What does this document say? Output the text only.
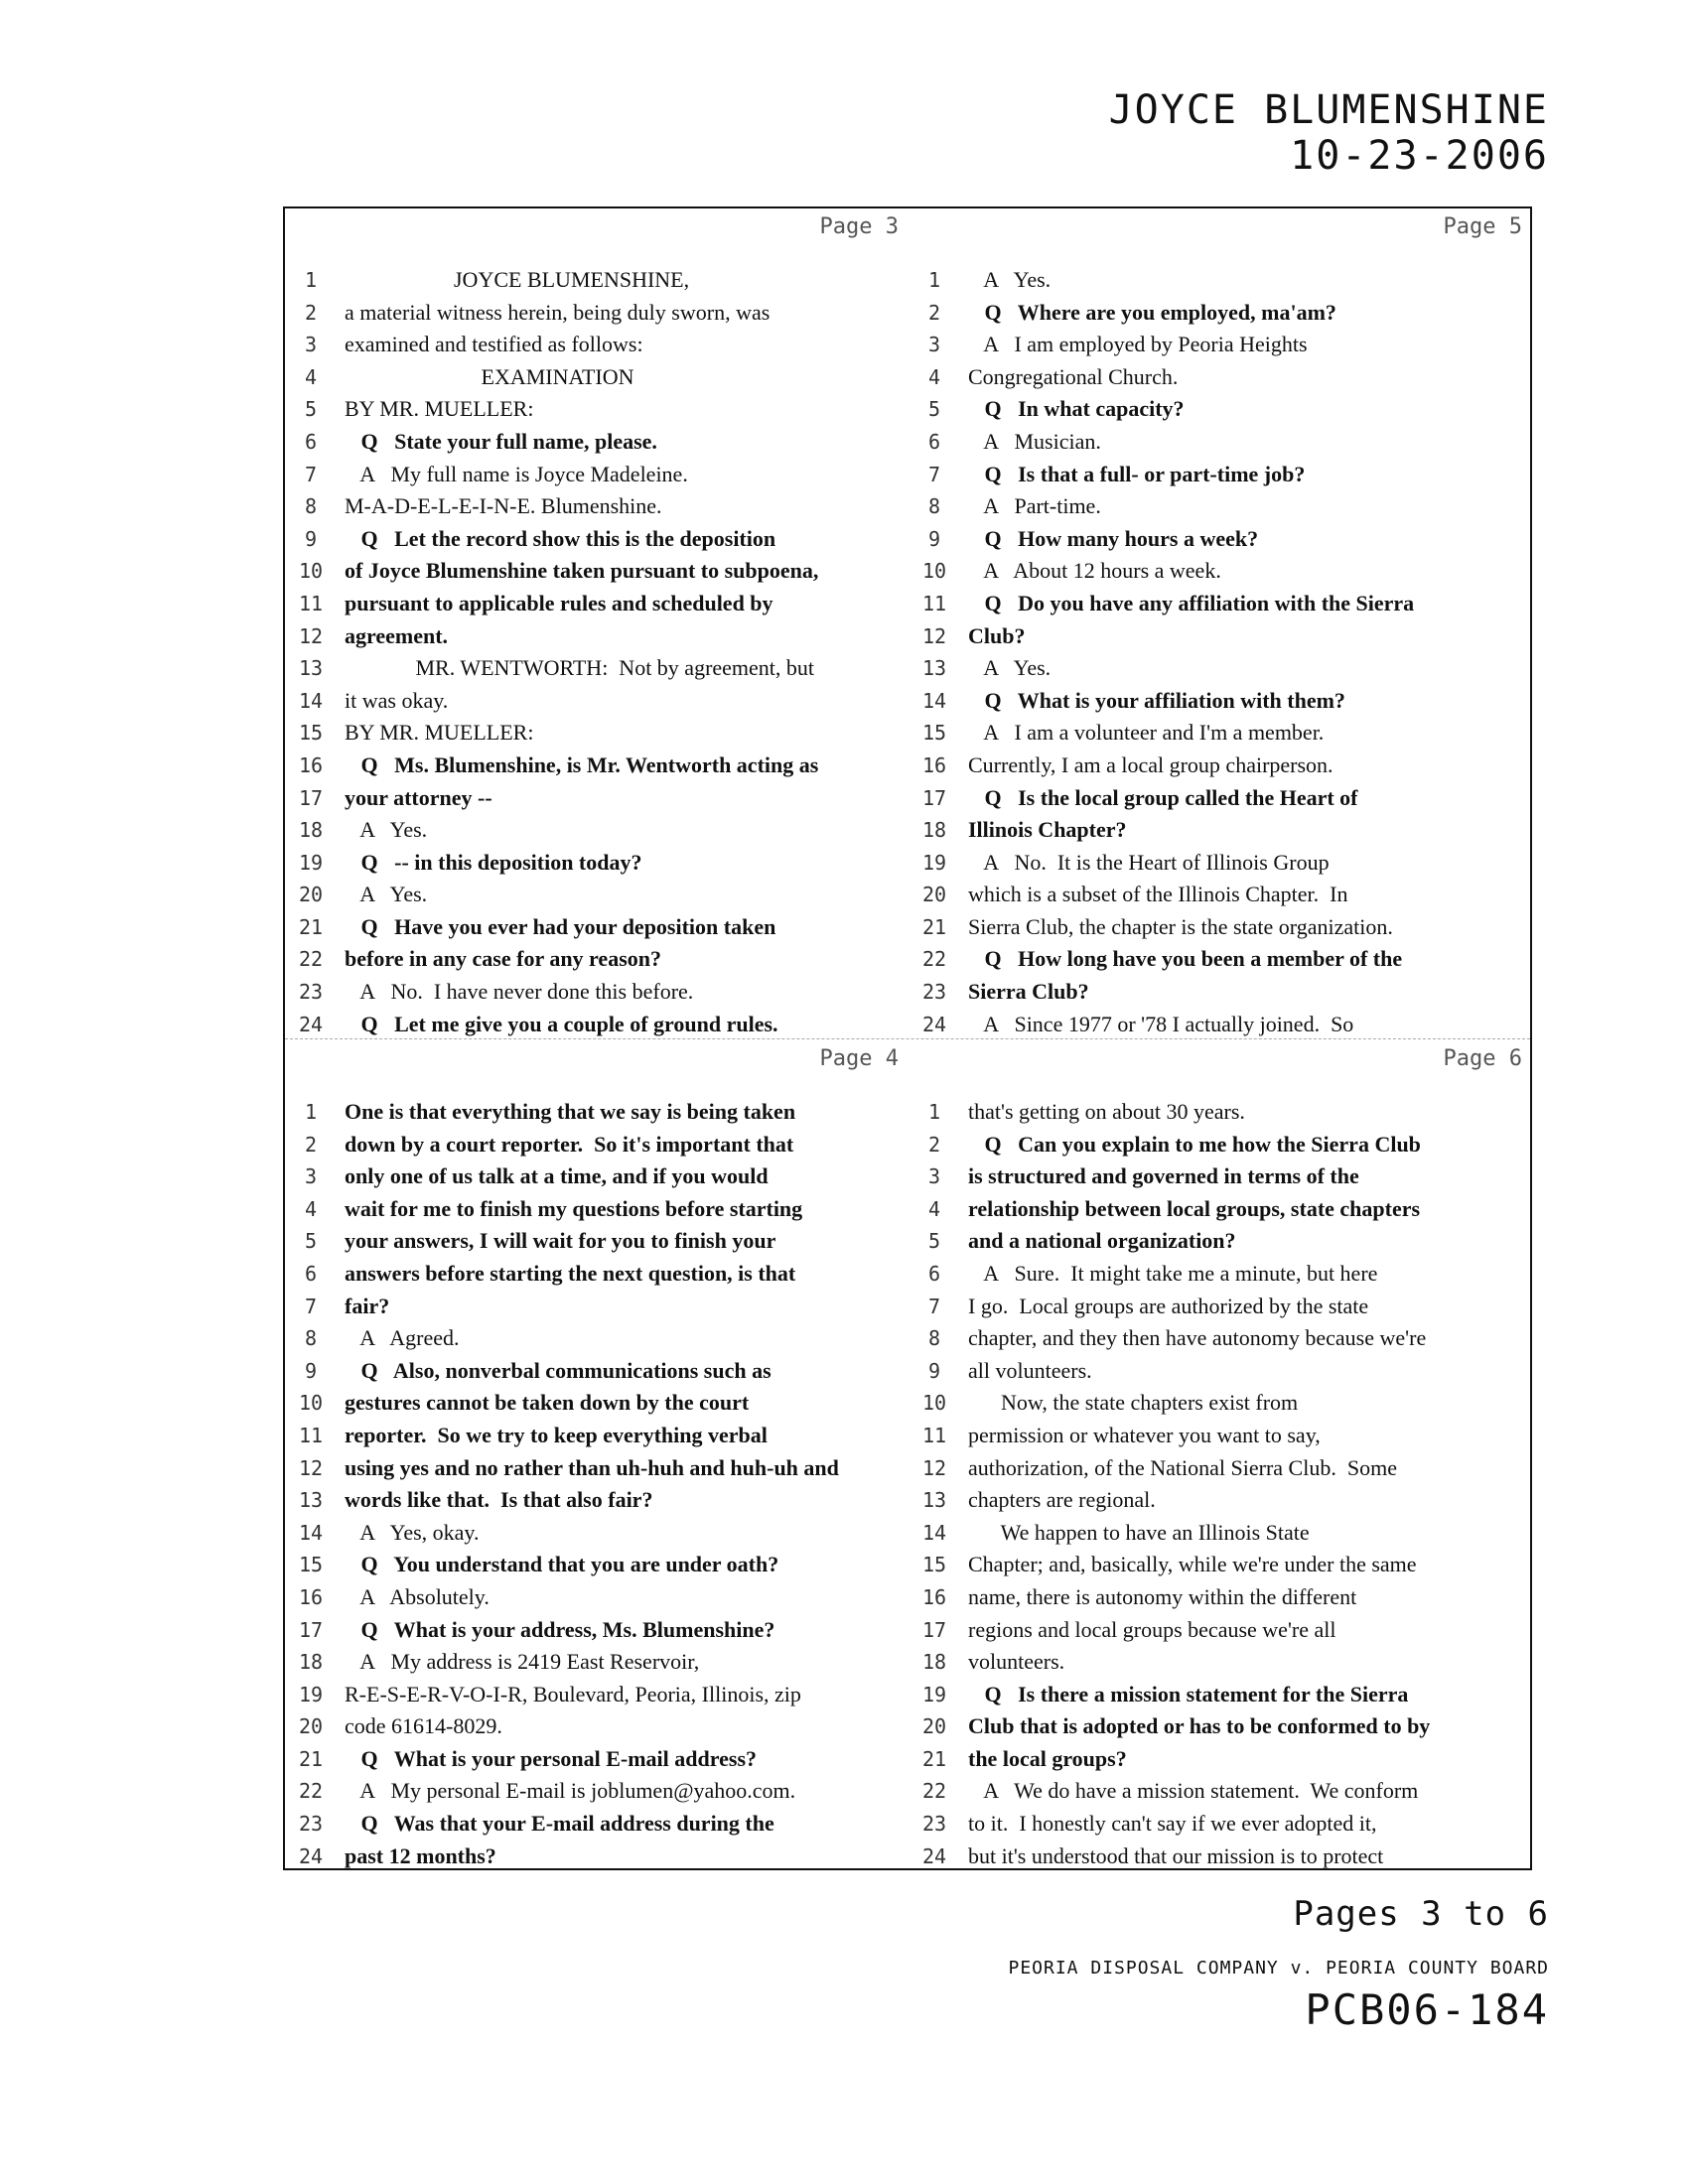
JOYCE BLUMENSHINE
10-23-2006
Page 3
1	JOYCE BLUMENSHINE,
2	a material witness herein, being duly sworn, was
3	examined and testified as follows:
4	EXAMINATION
5	BY MR. MUELLER:
6	Q   State your full name, please.
7	A   My full name is Joyce Madeleine.
8	M-A-D-E-L-E-I-N-E. Blumenshine.
9	Q   Let the record show this is the deposition
10 of Joyce Blumenshine taken pursuant to subpoena,
11 pursuant to applicable rules and scheduled by
12 agreement.
13 MR. WENTWORTH:  Not by agreement, but
14 it was okay.
15 BY MR. MUELLER:
16 Q   Ms. Blumenshine, is Mr. Wentworth acting as
17 your attorney --
18 A   Yes.
19 Q   -- in this deposition today?
20 A   Yes.
21 Q   Have you ever had your deposition taken
22 before in any case for any reason?
23 A   No.  I have never done this before.
24 Q   Let me give you a couple of ground rules.
Page 5
1	A   Yes.
2	Q   Where are you employed, ma'am?
3	A   I am employed by Peoria Heights
4	Congregational Church.
5	Q   In what capacity?
6	A   Musician.
7	Q   Is that a full- or part-time job?
8	A   Part-time.
9	Q   How many hours a week?
10 A   About 12 hours a week.
11 Q   Do you have any affiliation with the Sierra
12 Club?
13 A   Yes.
14 Q   What is your affiliation with them?
15 A   I am a volunteer and I'm a member.
16 Currently, I am a local group chairperson.
17 Q   Is the local group called the Heart of
18 Illinois Chapter?
19 A   No.  It is the Heart of Illinois Group
20 which is a subset of the Illinois Chapter.  In
21 Sierra Club, the chapter is the state organization.
22 Q   How long have you been a member of the
23 Sierra Club?
24 A   Since 1977 or '78 I actually joined.  So
Page 4
1	One is that everything that we say is being taken
2	down by a court reporter.  So it's important that
3	only one of us talk at a time, and if you would
4	wait for me to finish my questions before starting
5	your answers, I will wait for you to finish your
6	answers before starting the next question, is that
7	fair?
8	A   Agreed.
9	Q   Also, nonverbal communications such as
10 gestures cannot be taken down by the court
11 reporter.  So we try to keep everything verbal
12 using yes and no rather than uh-huh and huh-uh and
13 words like that.  Is that also fair?
14 A   Yes, okay.
15 Q   You understand that you are under oath?
16 A   Absolutely.
17 Q   What is your address, Ms. Blumenshine?
18 A   My address is 2419 East Reservoir,
19 R-E-S-E-R-V-O-I-R, Boulevard, Peoria, Illinois, zip
20 code 61614-8029.
21 Q   What is your personal E-mail address?
22 A   My personal E-mail is joblumen@yahoo.com.
23 Q   Was that your E-mail address during the
24 past 12 months?
Page 6
1	that's getting on about 30 years.
2	Q   Can you explain to me how the Sierra Club
3	is structured and governed in terms of the
4	relationship between local groups, state chapters
5	and a national organization?
6	A   Sure.  It might take me a minute, but here
7	I go.  Local groups are authorized by the state
8	chapter, and they then have autonomy because we're
9	all volunteers.
10 Now, the state chapters exist from
11 permission or whatever you want to say,
12 authorization, of the National Sierra Club.  Some
13 chapters are regional.
14 We happen to have an Illinois State
15 Chapter; and, basically, while we're under the same
16 name, there is autonomy within the different
17 regions and local groups because we're all
18 volunteers.
19 Q   Is there a mission statement for the Sierra
20 Club that is adopted or has to be conformed to by
21 the local groups?
22 A   We do have a mission statement.  We conform
23 to it.  I honestly can't say if we ever adopted it,
24 but it's understood that our mission is to protect
Pages 3 to 6
PEORIA DISPOSAL COMPANY v. PEORIA COUNTY BOARD
PCB06-184
